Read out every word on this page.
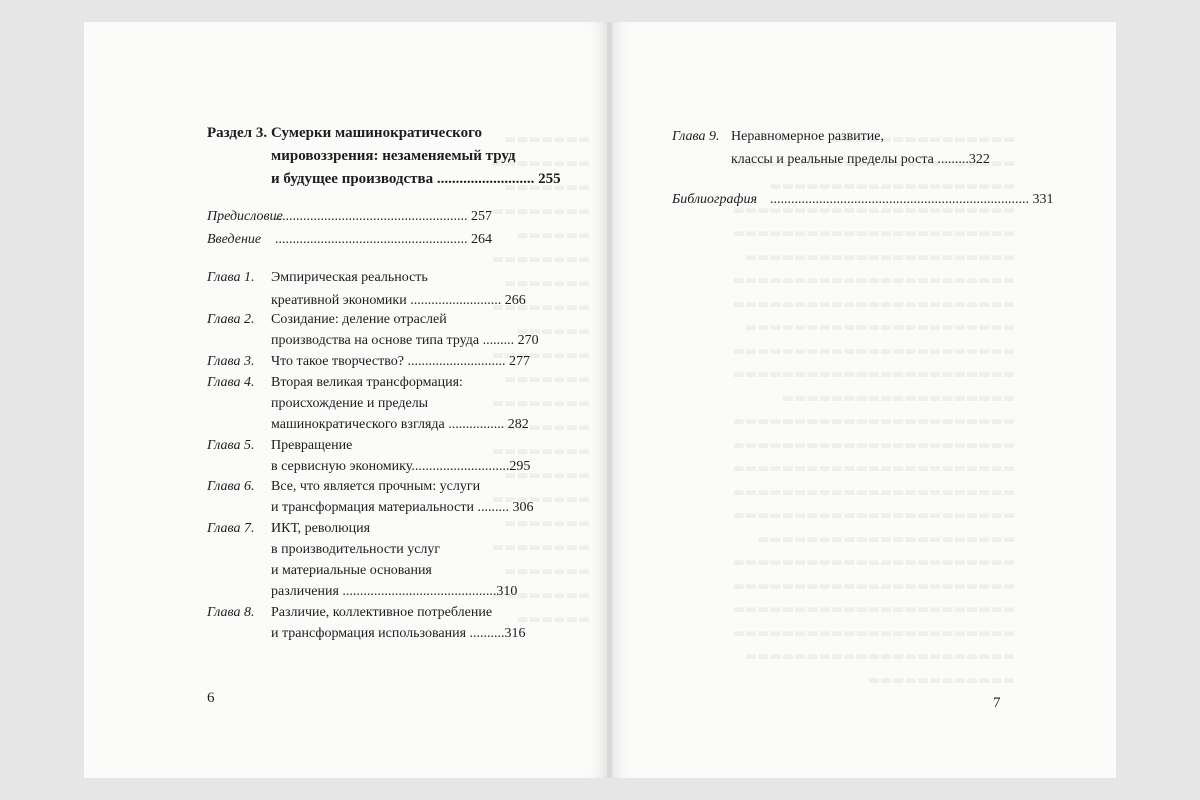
Раздел 3. Сумерки машинократического
мировоззрения: незаменяемый труд
и будущее производства .......................... 255
Предисловие
....................................................... 257
Введение ....................................................... 264
Глава 1. Эмпирическая реальность
креативной экономики .......................... 266
Глава 2. Созидание: деление отраслей
производства на основе типа труда ......... 270
Глава 3. Что такое творчество? ............................ 277
Глава 4. Вторая великая трансформация:
происхождение и пределы
машинократического взгляда ................ 282
Глава 5. Превращение
в сервисную экономику............................295
Глава 6. Все, что является прочным: услуги
и трансформация материальности ......... 306
Глава 7. ИКТ, революция
в производительности услуг
и материальные основания
различения ............................................310
Глава 8. Различие, коллективное потребление
и трансформация использования ..........316
6
Глава 9. Неравномерное развитие,
классы и реальные пределы роста .........322
Библиография .......................................................................... 331
7
